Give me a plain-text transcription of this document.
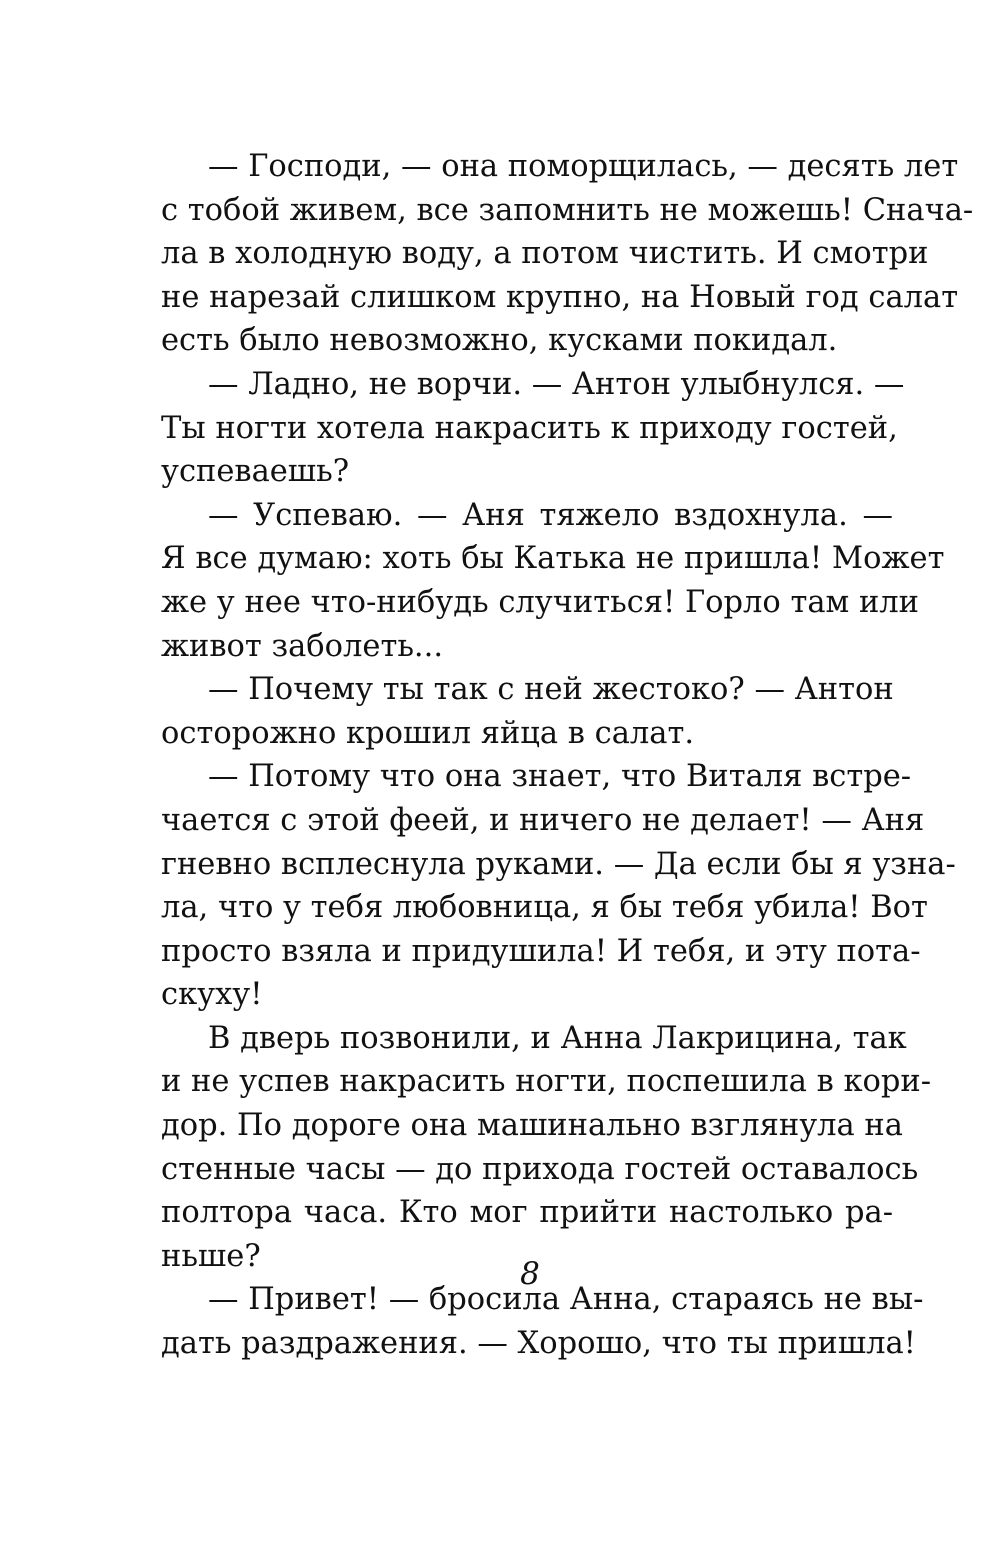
— Господи, — она поморщилась, — десять лет
с тобой живем, все запомнить не можешь! Снача-
ла в холодную воду, а потом чистить. И смотри
не нарезай слишком крупно, на Новый год салат
есть было невозможно, кусками покидал.
— Ладно, не ворчи. — Антон улыбнулся. —
Ты ногти хотела накрасить к приходу гостей,
успеваешь?
— Успеваю. — Аня тяжело вздохнула. —
Я все думаю: хоть бы Катька не пришла! Может
же у нее что-нибудь случиться! Горло там или
живот заболеть...
— Почему ты так с ней жестоко? — Антон
осторожно крошил яйца в салат.
— Потому что она знает, что Виталя встре-
чается с этой феей, и ничего не делает! — Аня
гневно всплеснула руками. — Да если бы я узна-
ла, что у тебя любовница, я бы тебя убила! Вот
просто взяла и придушила! И тебя, и эту пота-
скуху!
В дверь позвонили, и Анна Лакрицина, так
и не успев накрасить ногти, поспешила в кори-
дор. По дороге она машинально взглянула на
стенные часы — до прихода гостей оставалось
полтора часа. Кто мог прийти настолько ра-
ньше?
— Привет! — бросила Анна, стараясь не вы-
дать раздражения. — Хорошо, что ты пришла!
8
